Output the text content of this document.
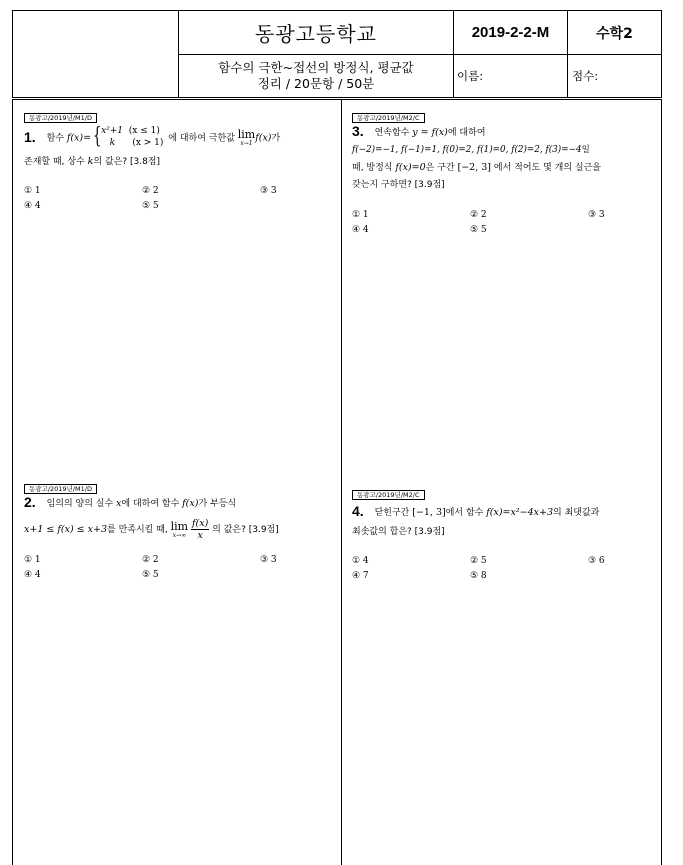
동광고등학교	2019-2-2-M	수학2
함수의 극한~접선의 방정식, 평균값
정리 / 20문항 / 50분	이름:	점수:
동광고/2019년/M1/D
1. 함수 f(x)= { x²+1 (x ≤ 1)
k (x > 1) 에 대하여 극한값 lim
x→1 f(x)가
존재할 때, 상수 k의 값은? [3.8점]
① 1	② 2	③ 3
④ 4	⑤ 5
동광고/2019년/M1/D
2. 임의의 양의 실수 x에 대하여 함수 f(x)가 부등식
x+1 ≤ f(x) ≤ x+3를 만족시킬 때, lim
x→∞
$\frac{f(x)}{x}$ 의 값은? [3.9점]
① 1	② 2	③ 3
④ 4	⑤ 5
동광고/2019년/M2/C
3. 연속함수 y = f(x)에 대하여
f(−2)=−1, f(−1)=1, f(0)=2, f(1)=0, f(2)=2, f(3)=−4일
때, 방정식 f(x)=0은 구간 [−2, 3] 에서 적어도 몇 개의 실근을
갖는지 구하면? [3.9점]
① 1	② 2	③ 3
④ 4	⑤ 5
동광고/2019년/M2/C
4. 닫힌구간 [−1, 3]에서 함수 f(x)=x²−4x+3의 최댓값과
최솟값의 합은? [3.9점]
① 4	② 5	③ 6
④ 7	⑤ 8
